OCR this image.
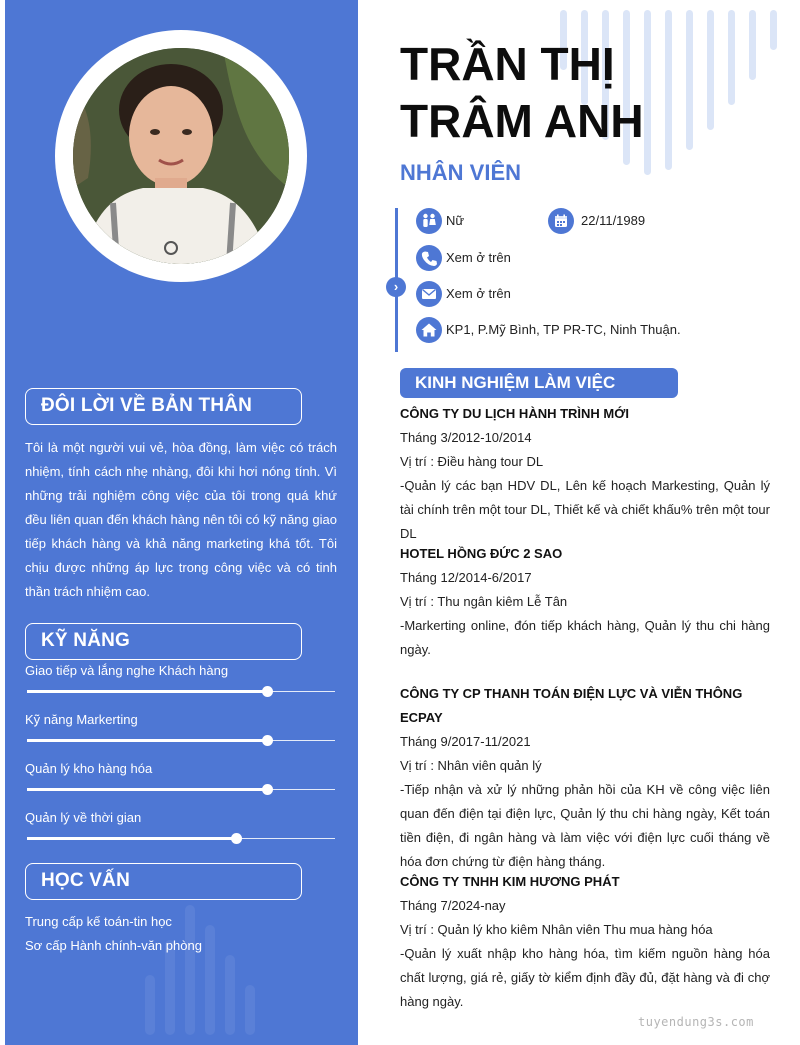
ĐÔI LỜI VỀ BẢN THÂN
Tôi là một người vui vẻ, hòa đồng, làm việc có trách nhiệm, tính cách nhẹ nhàng, đôi khi hơi nóng tính. Vì những trải nghiệm công việc của tôi trong quá khứ đều liên quan đến khách hàng nên tôi có kỹ năng giao tiếp khách hàng và khả năng marketing khá tốt. Tôi chịu được những áp lực trong công việc và có tinh thần trách nhiệm cao.
KỸ NĂNG
Giao tiếp và lắng nghe Khách hàng
Kỹ năng Markerting
Quản lý kho hàng hóa
Quản lý về thời gian
HỌC VẤN
Trung cấp kế toán-tin học
Sơ cấp Hành chính-văn phòng
TRẦN THỊ TRÂM ANH
NHÂN VIÊN
›
Nữ	22/11/1989
Xem ở trên
Xem ở trên
KP1, P.Mỹ Bình, TP PR-TC, Ninh Thuận.
KINH NGHIỆM LÀM VIỆC
CÔNG TY DU LỊCH HÀNH TRÌNH MỚI
Tháng 3/2012-10/2014
Vị trí : Điều hàng tour DL
-Quản lý các bạn HDV DL, Lên kế hoạch Markesting, Quản lý tài chính trên một tour DL, Thiết kế và chiết khấu% trên một tour DL
HOTEL HỒNG ĐỨC 2 SAO
Tháng 12/2014-6/2017
Vị trí : Thu ngân kiêm Lễ Tân
-Markerting online, đón tiếp khách hàng, Quản lý thu chi hàng ngày.
CÔNG TY CP THANH TOÁN ĐIỆN LỰC VÀ VIỄN THÔNG ECPAY
Tháng 9/2017-11/2021
Vị trí : Nhân viên quản lý
-Tiếp nhận và xử lý những phản hồi của KH về công việc liên quan đến điện tại điện lực, Quản lý thu chi hàng ngày, Kết toán tiền điện, đi ngân hàng và làm việc với điện lực cuối tháng về hóa đơn chứng từ điện hàng tháng.
CÔNG TY TNHH KIM HƯƠNG PHÁT
Tháng 7/2024-nay
Vị trí : Quản lý kho kiêm Nhân viên Thu mua hàng hóa
-Quản lý xuất nhập kho hàng hóa, tìm kiếm nguồn hàng hóa chất lượng, giá rẻ, giấy tờ kiểm định đầy đủ, đặt hàng và đi chợ hàng ngày.
tuyendung3s.com
